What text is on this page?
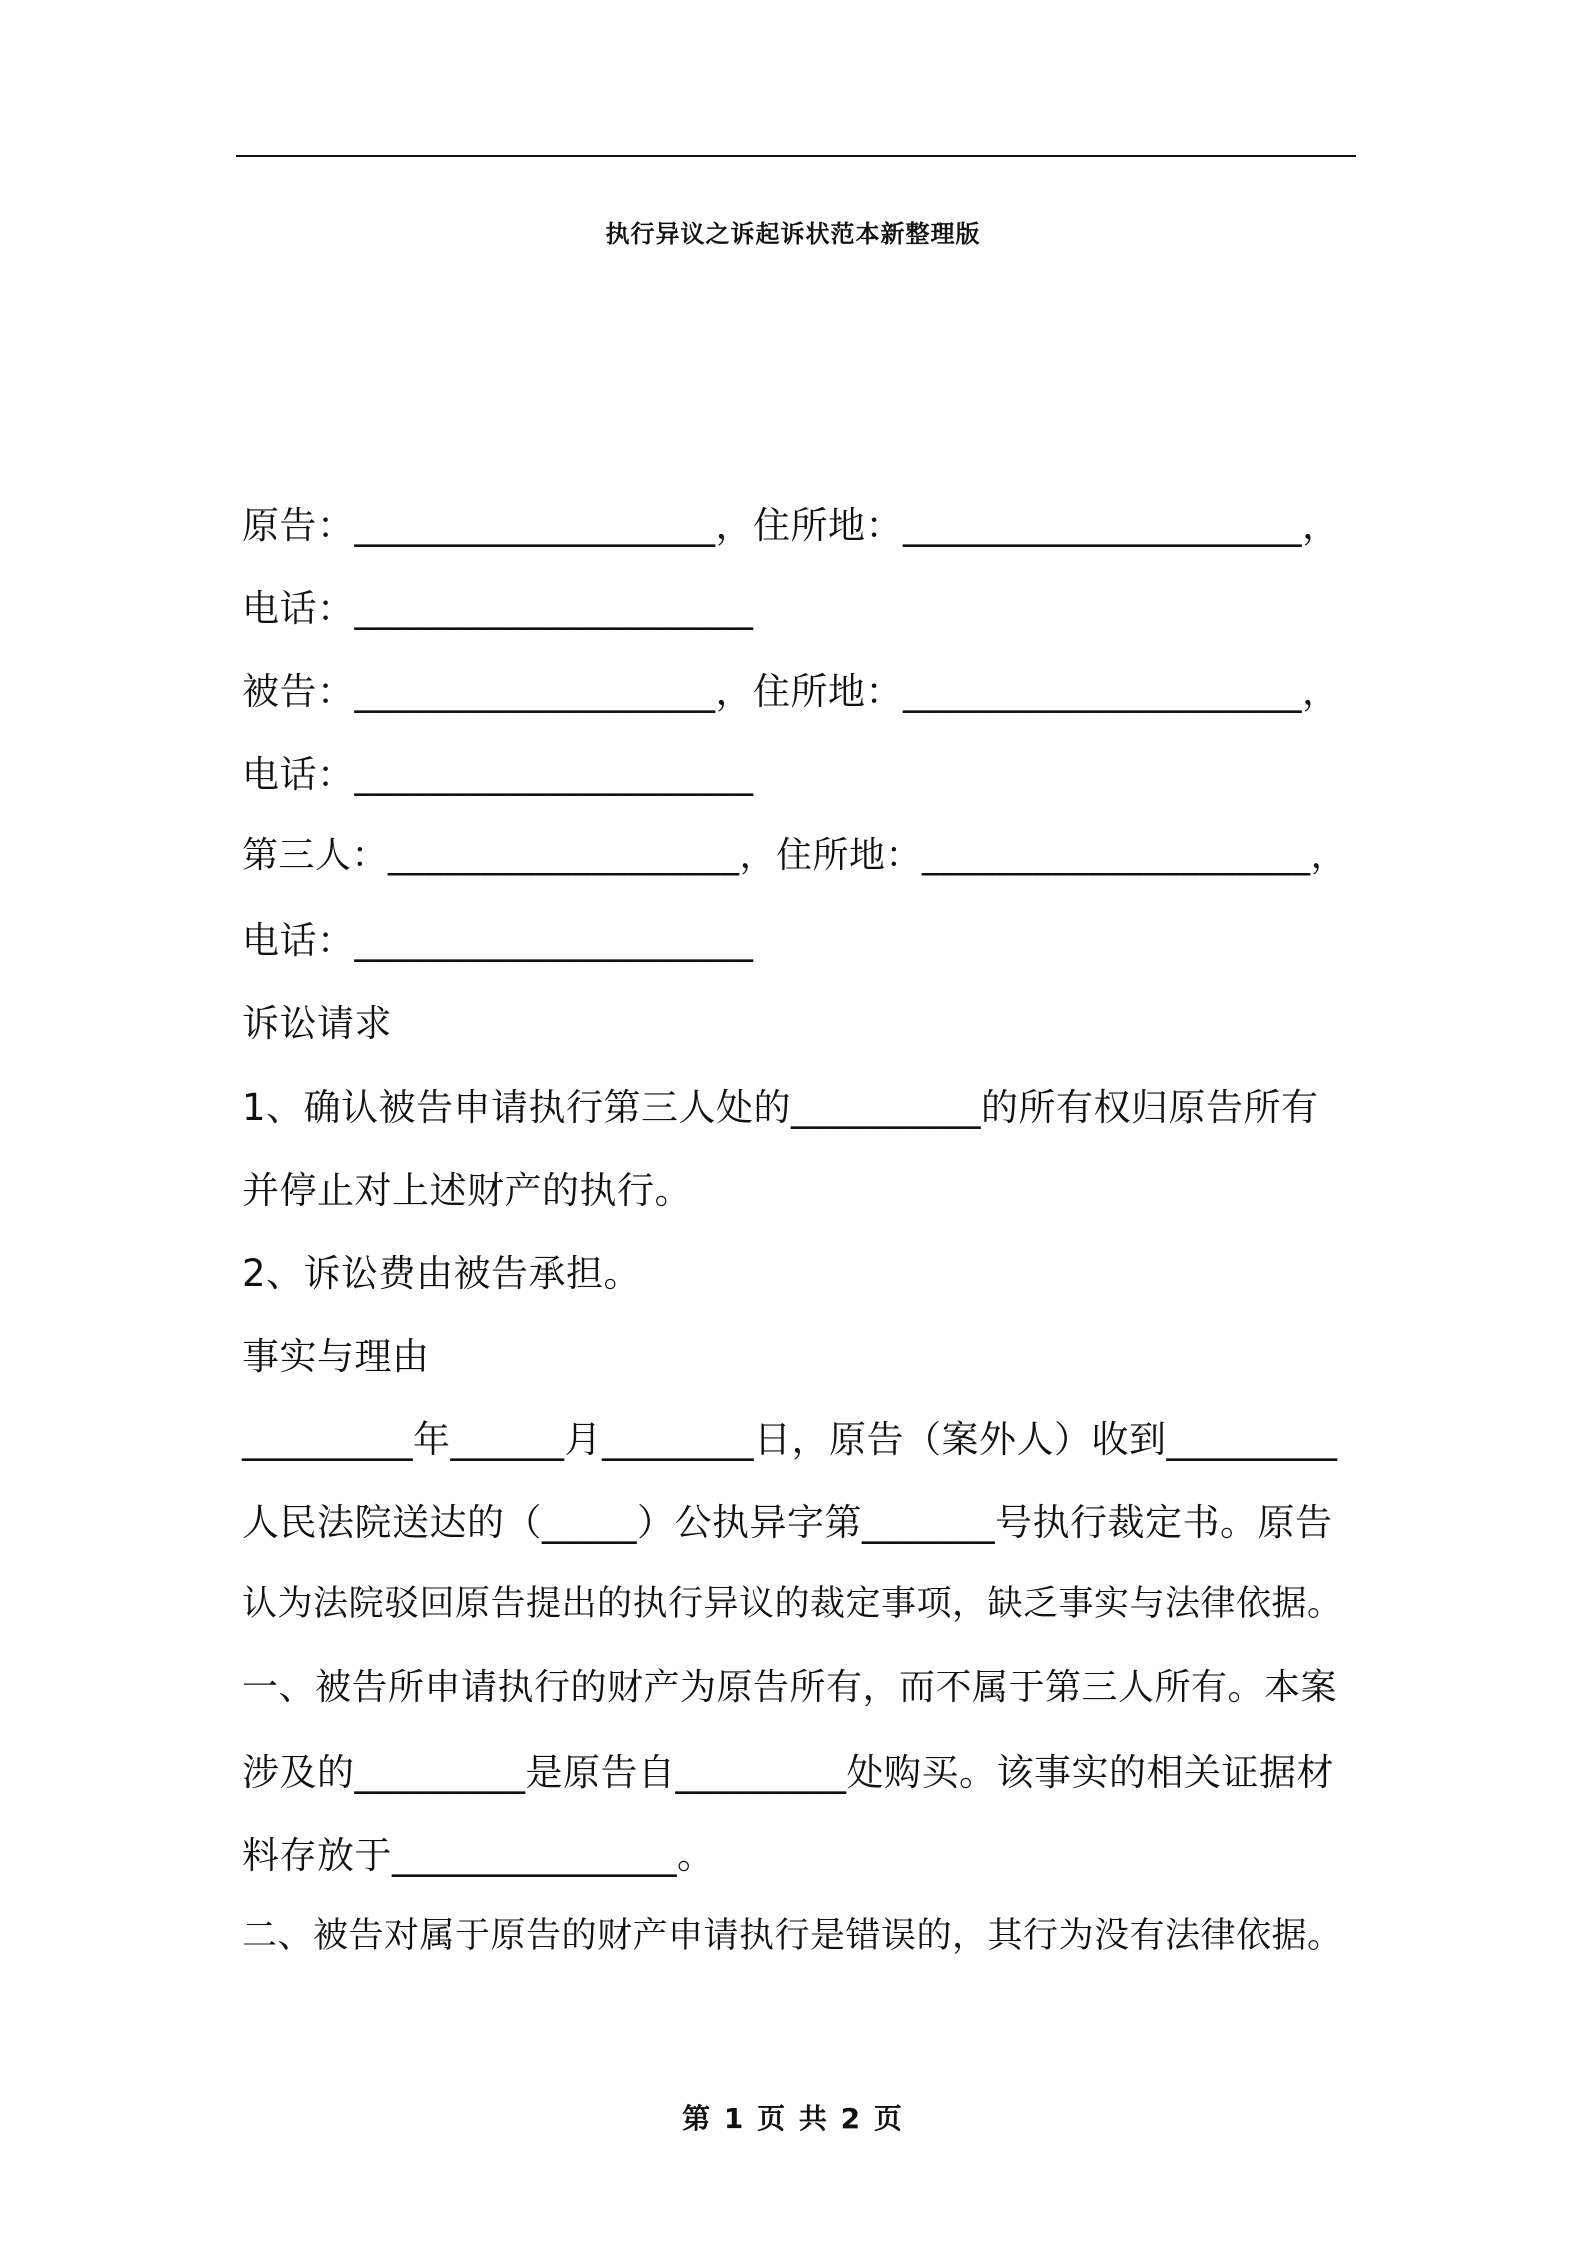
执行异议之诉起诉状范本新整理版
原告：___________________，住所地：_____________________，
电话：_____________________
被告：___________________，住所地：_____________________，
电话：_____________________
第三人：___________________，住所地：_____________________，
电话：_____________________
诉讼请求
1、确认被告申请执行第三人处的__________的所有权归原告所有
并停止对上述财产的执行。
2、诉讼费由被告承担。
事实与理由
_________年______月________日，原告（案外人）收到_________
人民法院送达的（_____）公执异字第_______号执行裁定书。原告
认为法院驳回原告提出的执行异议的裁定事项，缺乏事实与法律依据。
一、被告所申请执行的财产为原告所有，而不属于第三人所有。本案
涉及的_________是原告自_________处购买。该事实的相关证据材
料存放于_______________。
二、被告对属于原告的财产申请执行是错误的，其行为没有法律依据。
第 1 页 共 2 页
